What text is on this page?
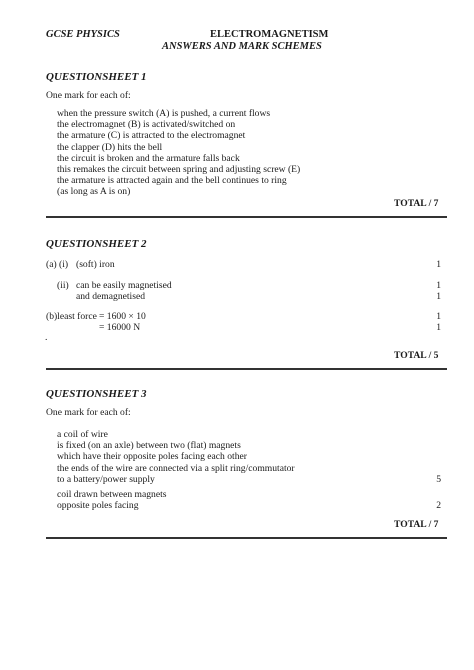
GCSE PHYSICS	ELECTROMAGNETISM
ANSWERS AND MARK SCHEMES
QUESTIONSHEET 1
One mark for each of:
when the pressure switch (A) is pushed, a current flows
the electromagnet (B) is activated/switched on
the armature (C) is attracted to the electromagnet
the clapper (D) hits the bell
the circuit is broken and the armature falls back
this remakes the circuit between spring and adjusting screw (E)
the armature is attracted again and the bell continues to ring
(as long as A is on)
TOTAL / 7
QUESTIONSHEET 2
(a) (i) (soft) iron	1
(ii) can be easily magnetised	1
and demagnetised	1
(b)least force = 1600 × 10	1
= 16000 N	1
.
TOTAL / 5
QUESTIONSHEET 3
One mark for each of:
a coil of wire
is fixed (on an axle) between two (flat) magnets
which have their opposite poles facing each other
the ends of the wire are connected via a split ring/commutator
to a battery/power supply	5
coil drawn between magnets
opposite poles facing	2
TOTAL / 7
